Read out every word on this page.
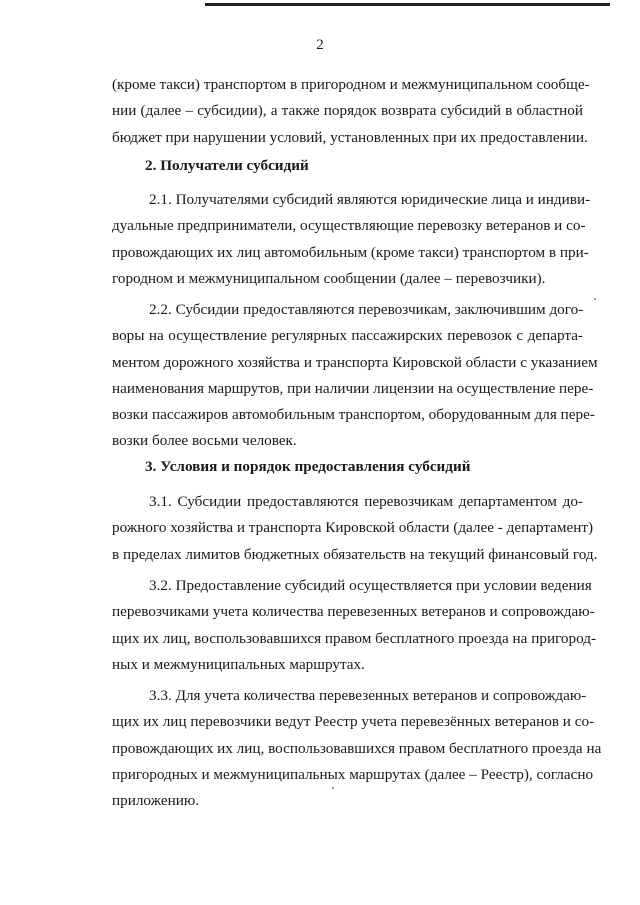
2
(кроме такси) транспортом в пригородном и межмуниципальном сообще-
нии (далее – субсидии), а также порядок возврата субсидий в областной
бюджет при нарушении условий, установленных при их предоставлении.
2. Получатели субсидий
2.1. Получателями субсидий являются юридические лица и индиви-
дуальные предприниматели, осуществляющие перевозку ветеранов и со-
провождающих их лиц автомобильным (кроме такси) транспортом в при-
городном и межмуниципальном сообщении (далее – перевозчики).
2.2. Субсидии предоставляются перевозчикам, заключившим дого-
воры на осуществление регулярных пассажирских перевозок с департа-
ментом дорожного хозяйства и транспорта Кировской области с указанием
наименования маршрутов, при наличии лицензии на осуществление пере-
возки пассажиров автомобильным транспортом, оборудованным для пере-
возки более восьми человек.
3. Условия и порядок предоставления субсидий
3.1. Субсидии предоставляются перевозчикам департаментом до-
рожного хозяйства и транспорта Кировской области (далее - департамент)
в пределах лимитов бюджетных обязательств на текущий финансовый год.
3.2. Предоставление субсидий осуществляется при условии ведения
перевозчиками учета количества перевезенных ветеранов и сопровождаю-
щих их лиц, воспользовавшихся правом бесплатного проезда на пригород-
ных и межмуниципальных маршрутах.
3.3. Для учета количества перевезенных ветеранов и сопровождаю-
щих их лиц перевозчики ведут Реестр учета перевезённых ветеранов и со-
провождающих их лиц, воспользовавшихся правом бесплатного проезда на
пригородных и межмуниципальных маршрутах (далее – Реестр), согласно
приложению.
